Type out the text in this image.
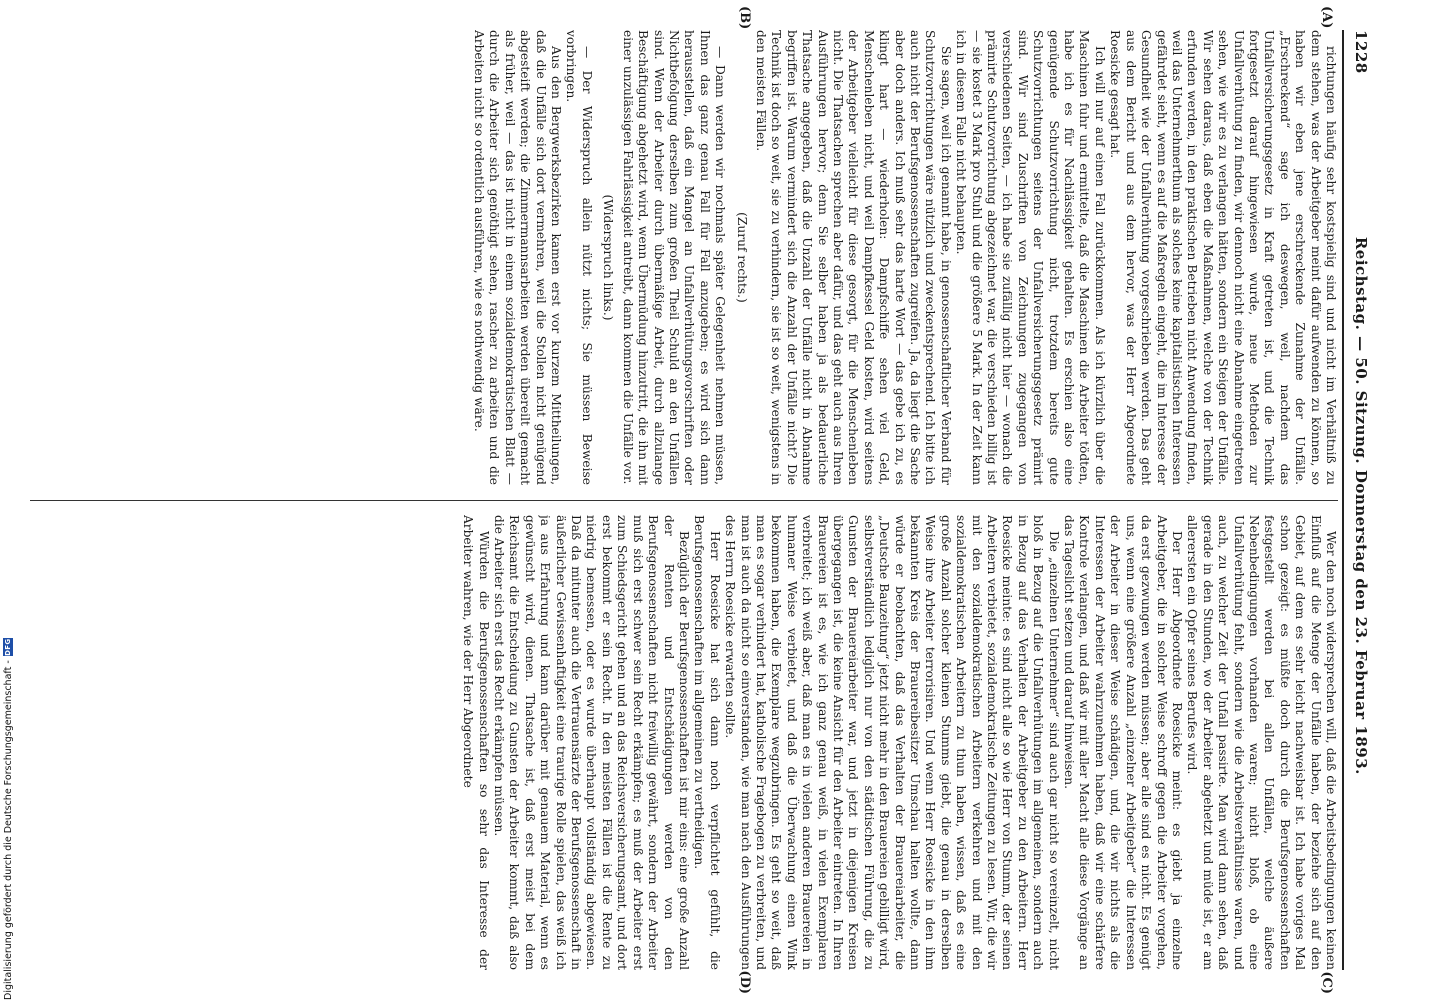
1228
Reichstag. — 50. Sitzung. Donnerstag den 23. Februar 1893.
(A)
(B)
(C)
(D)

richtungen häufig sehr kostspielig sind und nicht im Verhältniß zu dem stehen, was der Arbeitgeber meint dafür aufwenden zu können, so haben wir eben jene erschreckende Zunahme der Unfälle. „Erschreckend“ sage ich deswegen, weil, nachdem das Unfallversicherungsgesetz in Kraft getreten ist, und die Technik fortgesetzt darauf hingewiesen wurde, neue Methoden zur Unfallverhütung zu finden, wir dennoch nicht eine Abnahme eingetreten sehen, wie wir es zu verlangen hätten, sondern ein Steigen der Unfälle. Wir sehen daraus, daß eben die Maßnahmen, welche von der Technik erfunden werden, in den praktischen Betrieben nicht Anwendung finden, weil das Unternehmerthum als solches keine kapitalistischen Interessen gefährdet sieht, wenn es auf die Maßregeln eingeht, die im Interesse der Gesundheit wie der Unfallverhütung vorgeschrieben werden. Das geht aus dem Bericht und aus dem hervor, was der Herr Abgeordnete Roesicke gesagt hat.

Ich will nur auf einen Fall zurückkommen. Als ich kürzlich über die Maschinen fuhr und ermittelte, daß die Maschinen die Arbeiter tödten, habe ich es für Nachlässigkeit gehalten. Es erschien also eine genügende Schutzvorrichtung nicht, trotzdem bereits gute Schutzvorrichtungen seitens der Unfallversicherungsgesetz prämirt sind. Wir sind Zuschriften von Zeichnungen zugegangen von verschiedenen Seiten, — ich habe sie zufällig nicht hier — wonach die prämirte Schutzvorrichtung abgezeichnet war, die verschieden billig ist — sie kostet 3 Mark pro Stuhl und die größere 5 Mark. In der Zeit kann ich in diesem Falle nicht behaupten.

Sie sagen, weil ich genannt habe, in genossenschaftlicher Verband für Schutzvorrichtungen wäre nützlich und zweckentsprechend. Ich bitte ich auch nicht der Berufsgenossenschaften zugreifen. Ja, da liegt die Sache aber doch anders. Ich muß sehr das harte Wort — das gebe ich zu, es klingt hart — wiederholen: Dampfschiffe sehen viel Geld, Menschenleben nicht, und weil Dampfkessel Geld kosten, wird seitens der Arbeitgeber vielleicht für diese gesorgt, für die Menschenleben nicht. Die Thatsachen sprechen aber dafür, und das geht auch aus Ihren Ausführungen hervor; denn Sie selber haben ja als bedauerliche Thatsache angegeben, daß die Unzahl der Unfälle nicht in Abnahme begriffen ist. Warum vermindert sich die Anzahl der Unfälle nicht? Die Technik ist doch so weit, sie zu verhindern, sie ist so weit, wenigstens in den meisten Fällen.

(Zuruf rechts.)

— Dann werden wir nochmals später Gelegenheit nehmen müssen, Ihnen das ganz genau Fall für Fall anzugeben; es wird sich dann herausstellen, daß ein Mangel an Unfallverhütungsvorschriften oder Nichtbefolgung derselben zum großen Theil Schuld an den Unfällen sind. Wenn der Arbeiter durch übermäßige Arbeit, durch allzulange Beschäftigung abgehetzt wird, wenn Übermüdung hinzutritt, die ihn mit einer unzulässigen Fahrlässigkeit antreibt, dann kommen die Unfälle vor.

(Widerspruch links.)

— Der Widerspruch allein nützt nichts; Sie müssen Beweise vorbringen.

Aus den Bergwerksbezirken kamen erst vor kurzem Mittheilungen, daß die Unfälle sich dort vermehren, weil die Stollen nicht genügend abgesteift werden; die Zimmermannsarbeiten werden übereilt gemacht als früher, weil — das ist nicht in einem sozialdemokratischen Blatt — durch die Arbeiter sich genöthigt sehen, rascher zu arbeiten und die Arbeiten nicht so ordentlich ausführen, wie es nothwendig wäre.

Wer den noch widersprechen will, daß die Arbeitsbedingungen keinen Einfluß auf die Menge der Unfälle haben, der beziehe sich auf den Gebiet, auf dem es sehr leicht nachweisbar ist. Ich habe voriges Mal schon gezeigt: es müßte doch durch die Berufsgenossenschaften festgestellt werden bei allen Unfällen, welche äußere Nebenbedingungen vorhanden waren; nicht bloß, ob eine Unfallverhütung fehlt, sondern wie die Arbeitsverhältnisse waren, und auch, zu welcher Zeit der Unfall passirte. Man wird dann sehen, daß gerade in den Stunden, wo der Arbeiter abgehetzt und müde ist, er am allerersten ein Opfer seines Berufes wird.

Der Herr Abgeordnete Roesicke meint: es giebt ja einzelne Arbeitgeber, die in solcher Weise schroff gegen die Arbeiter vorgehen, da erst gezwungen werden müssen; aber alle sind es nicht. Es genügt uns, wenn eine größere Anzahl „einzelner Arbeitgeber“ die Interessen der Arbeiter in dieser Weise schädigen, und, die wir nichts als die Interessen der Arbeiter wahrzunehmen haben, daß wir eine schärfere Kontrole verlangen, und daß wir mit aller Macht alle diese Vorgänge an das Tageslicht setzen und darauf hinweisen.

Die „einzelnen Unternehmer“ sind auch gar nicht so vereinzelt, nicht bloß in Bezug auf die Unfallverhütungen im allgemeinen, sondern auch in Bezug auf das Verhalten der Arbeitgeber zu den Arbeitern. Herr Roesicke meinte: es sind nicht alle so wie Herr von Stumm, der seinen Arbeitern verbietet, sozialdemokratische Zeitungen zu lesen. Wir, die wir mit den sozialdemokratischen Arbeitern verkehren und mit den sozialdemokratischen Arbeitern zu thun haben, wissen, daß es eine große Anzahl solcher kleinen Stumms giebt, die genau in derselben Weise ihre Arbeiter terrorisiren. Und wenn Herr Roesicke in den ihm bekannten Kreis der Brauereibesitzer Umschau halten wollte, dann würde er beobachten, daß das Verhalten der Brauereiarbeiter, die „Deutsche Bauzeitung“ jetzt nicht mehr in den Brauereien gebilligt wird, selbstverständlich lediglich nur von den städtischen Führung, die zu Gunsten der Brauereiarbeiter war, und jetzt in diejenigen Kreisen übergegangen ist, die keine Ansicht für den Arbeiter eintreten. In Ihren Brauereien ist es, wie ich ganz genau weiß, in vielen Exemplaren verbreitet; ich weiß aber, daß man es in vielen anderen Brauereien in humaner Weise verbietet, und daß die Überwachung einen Wink bekommen haben, die Exemplare wegzubringen. Es geht so weit, daß man es sogar verhindert hat, katholische Fragebogen zu verbreiten, und man ist auch da nicht so einverstanden, wie man nach den Ausführungen des Herrn Roesicke erwarten sollte.

Herr Roesicke hat sich dann noch verpflichtet gefühlt, die Berufsgenossenschaften im allgemeinen zu vertheidigen.

Bezüglich der Berufsgenossenschaften ist mir eins: eine große Anzahl der Renten und Entschädigungen werden von den Berufsgenossenschaften nicht freiwillig gewährt, sondern der Arbeiter muß sich erst schwer sein Recht erkämpfen; es muß der Arbeiter erst zum Schiedsgericht gehen und an das Reichsversicherungsamt, und dort erst bekommt er sein Recht. In den meisten Fällen ist die Rente zu niedrig bemessen, oder es wurde überhaupt vollständig abgewiesen. Daß da mitunter auch die Vertrauensärzte der Berufsgenossenschaft in äußerlicher Gewissenhaftigkeit eine traurige Rolle spielen, das weiß ich ja aus Erfahrung und kann darüber mit genauem Material, wenn es gewünscht wird, dienen. Thatsache ist, daß erst meist bei dem Reichsamt die Entscheidung zu Gunsten der Arbeiter kommt, daß also die Arbeiter sich erst das Recht erkämpfen müssen.

Würden die Berufsgenossenschaften so sehr das Interesse der Arbeiter wahren, wie der Herr Abgeordnete

Digitalisierung gefördert durch die Deutsche Forschungsgemeinschaft -
DFG
